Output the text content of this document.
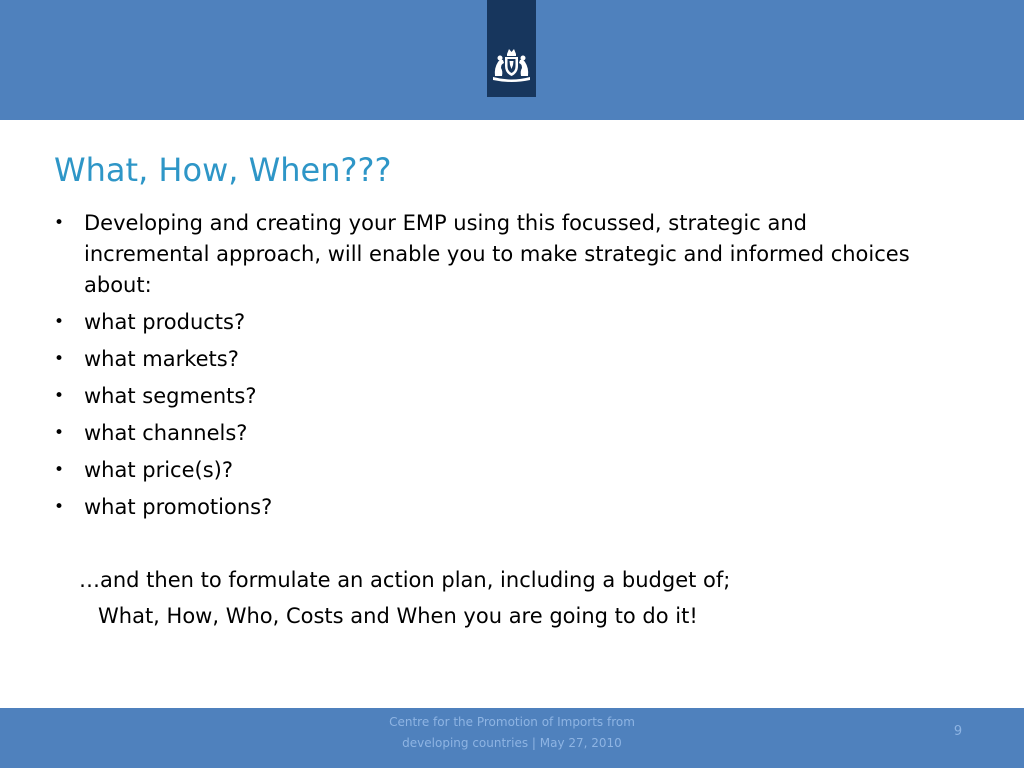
What, How, When???
• Developing and creating your EMP using this focussed, strategic and incremental approach, will enable you to make strategic and informed choices about:
• what products?
• what markets?
• what segments?
• what channels?
• what price(s)?
• what promotions?
…and then to formulate an action plan, including a budget of;
What, How, Who, Costs and When you are going to do it!
Centre for the Promotion of Imports from
developing countries | May 27, 2010
9
